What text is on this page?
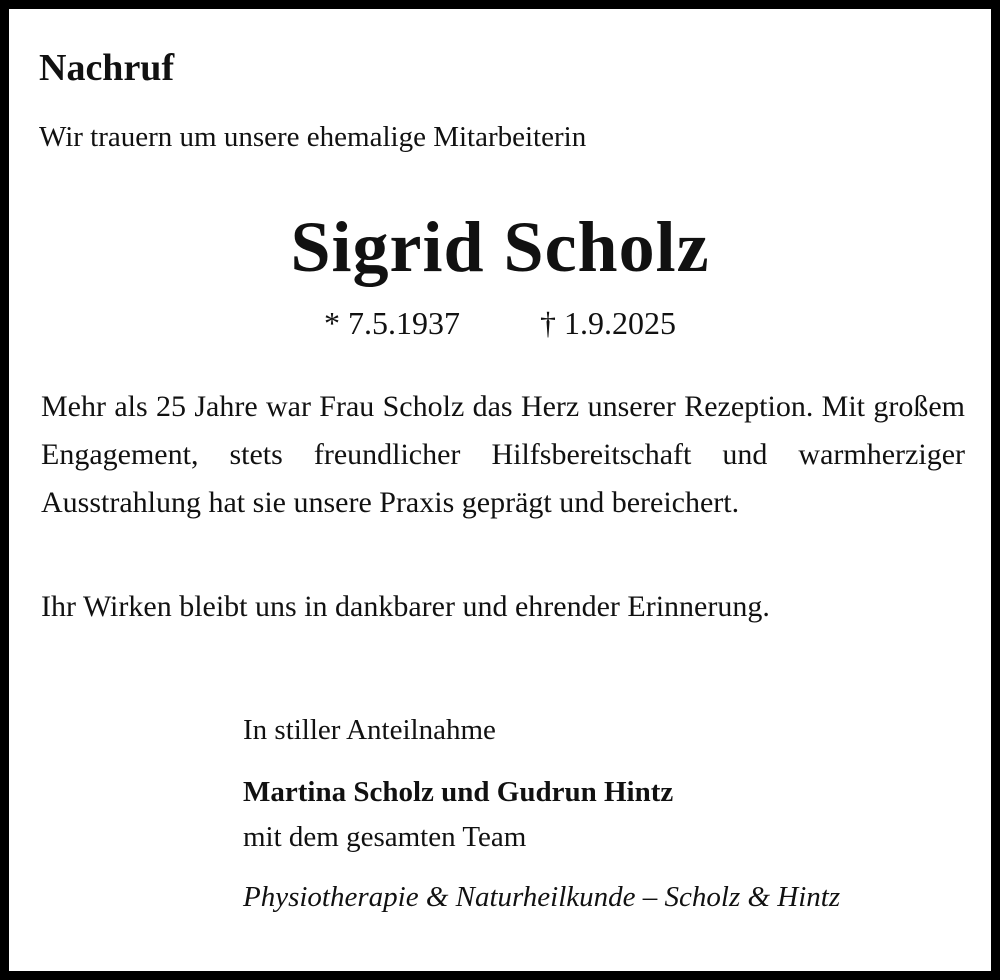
Nachruf
Wir trauern um unsere ehemalige Mitarbeiterin
Sigrid Scholz
* 7.5.1937	† 1.9.2025
Mehr als 25 Jahre war Frau Scholz das Herz unserer Rezeption. Mit großem Engagement, stets freundlicher Hilfsbereitschaft und warmherziger Ausstrahlung hat sie unsere Praxis geprägt und bereichert.
Ihr Wirken bleibt uns in dankbarer und ehrender Erinnerung.
In stiller Anteilnahme
Martina Scholz und Gudrun Hintz
mit dem gesamten Team
Physiotherapie & Naturheilkunde – Scholz & Hintz
